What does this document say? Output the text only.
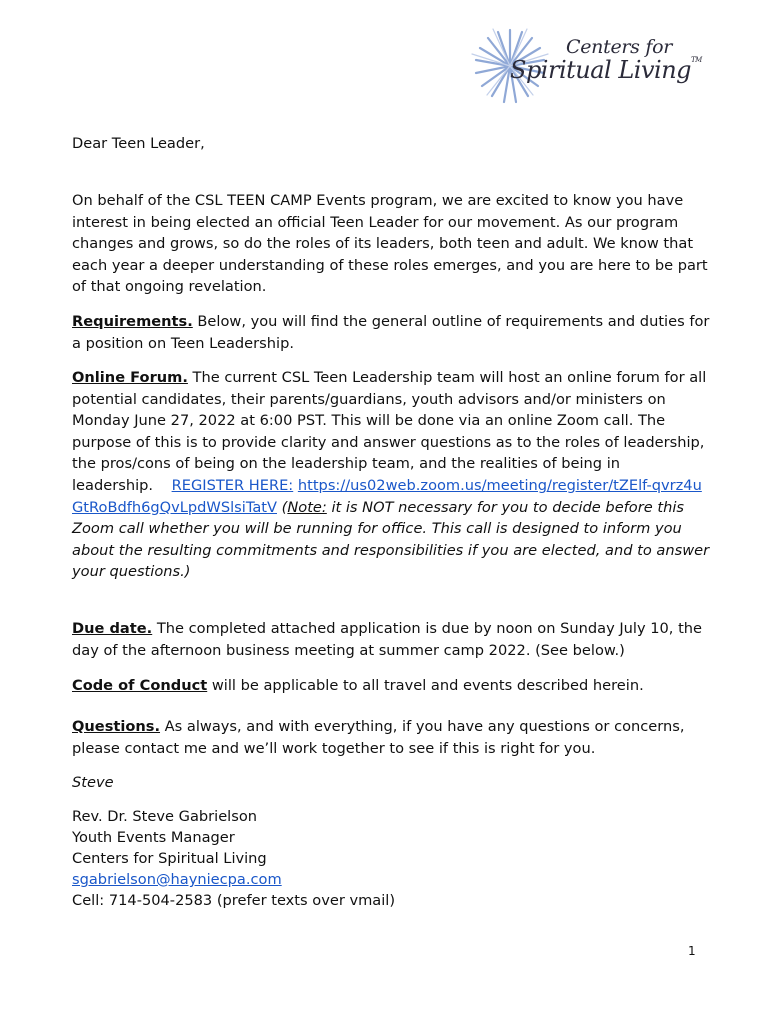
Centers for
Spiritual Living™
Dear Teen Leader,
On behalf of the CSL TEEN CAMP Events program, we are excited to know you have interest in being elected an official Teen Leader for our movement. As our program changes and grows, so do the roles of its leaders, both teen and adult. We know that each year a deeper understanding of these roles emerges, and you are here to be part of that ongoing revelation.
Requirements. Below, you will find the general outline of requirements and duties for a position on Teen Leadership.
Online Forum. The current CSL Teen Leadership team will host an online forum for all potential candidates, their parents/guardians, youth advisors and/or ministers on Monday June 27, 2022 at 6:00 PST. This will be done via an online Zoom call. The purpose of this is to provide clarity and answer questions as to the roles of leadership, the pros/cons of being on the leadership team, and the realities of being in leadership. REGISTER HERE: https://us02web.zoom.us/meeting/register/tZElf-qvrz4uGtRoBdfh6gQvLpdWSlsiTatV (Note: it is NOT necessary for you to decide before this Zoom call whether you will be running for office. This call is designed to inform you about the resulting commitments and responsibilities if you are elected, and to answer your questions.)
Due date. The completed attached application is due by noon on Sunday July 10, the day of the afternoon business meeting at summer camp 2022. (See below.)
Code of Conduct will be applicable to all travel and events described herein.
Questions. As always, and with everything, if you have any questions or concerns, please contact me and we’ll work together to see if this is right for you.
Steve
Rev. Dr. Steve Gabrielson
Youth Events Manager
Centers for Spiritual Living
sgabrielson@hayniecpa.com
Cell: 714-504-2583 (prefer texts over vmail)
1
